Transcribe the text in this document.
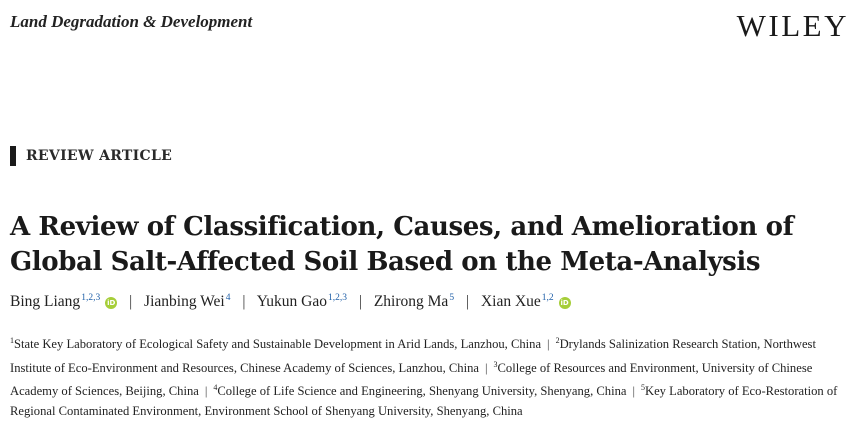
Land Degradation & Development	WILEY
REVIEW ARTICLE
A Review of Classification, Causes, and Amelioration of Global Salt-Affected Soil Based on the Meta-Analysis
Bing Liang$^{1,2,3}$ iD | Jianbing Wei$^4$ | Yukun Gao$^{1,2,3}$ | Zhirong Ma$^5$ | Xian Xue$^{1,2}$ iD
$^1$State Key Laboratory of Ecological Safety and Sustainable Development in Arid Lands, Lanzhou, China | $^2$Drylands Salinization Research Station, Northwest Institute of Eco-Environment and Resources, Chinese Academy of Sciences, Lanzhou, China | $^3$College of Resources and Environment, University of Chinese Academy of Sciences, Beijing, China | $^4$College of Life Science and Engineering, Shenyang University, Shenyang, China | $^5$Key Laboratory of Eco-Restoration of Regional Contaminated Environment, Environment School of Shenyang University, Shenyang, China
